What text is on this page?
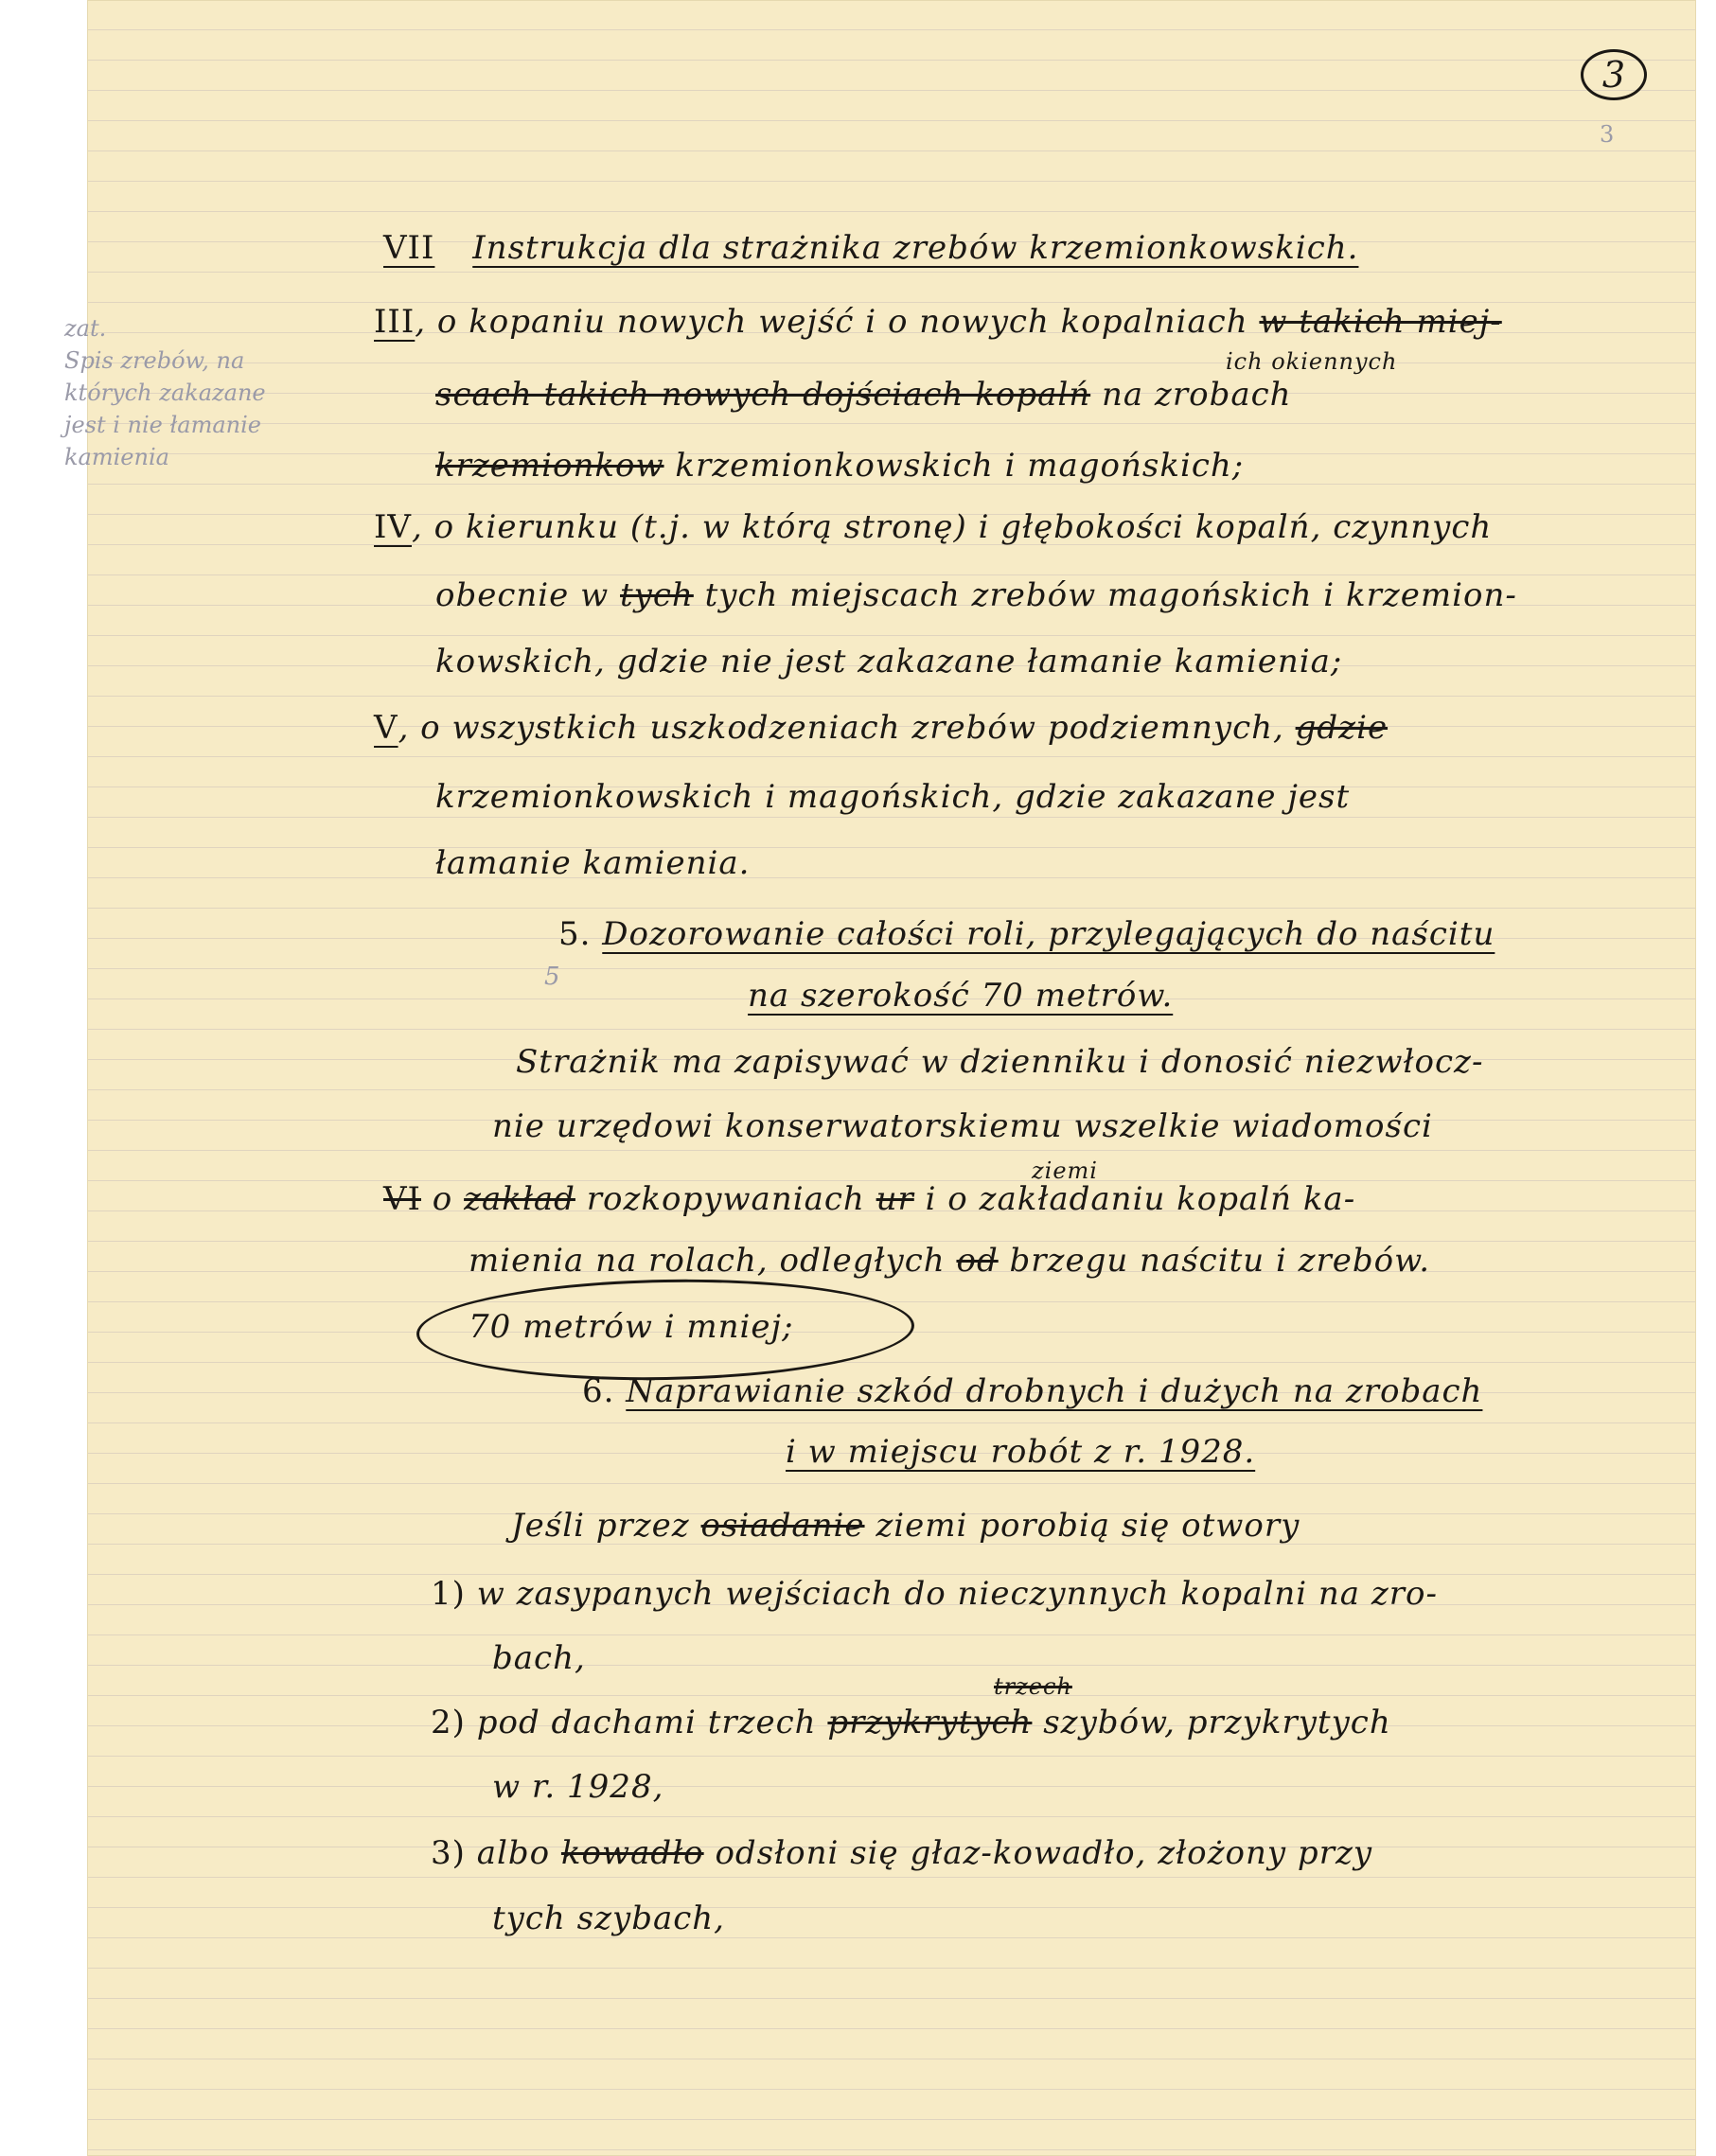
3
3
zat.
Spis zrebów, na
których zakazane
jest i nie łamanie
kamienia
VII Instrukcja dla strażnika zrebów krzemionkowskich.
III, o kopaniu nowych wejść i o nowych kopalniach w takich miej-
ich okiennych
scach takich nowych dojściach kopalń na zrobach
krzemionkow krzemionkowskich i magońskich;
IV, o kierunku (t.j. w którą stronę) i głębokości kopalń, czynnych
obecnie w tych tych miejscach zrebów magońskich i krzemion-
kowskich, gdzie nie jest zakazane łamanie kamienia;
V, o wszystkich uszkodzeniach zrebów podziemnych, gdzie
krzemionkowskich i magońskich, gdzie zakazane jest
łamanie kamienia.
5. Dozorowanie całości roli, przylegających do naścitu
5	na szerokość 70 metrów.
Strażnik ma zapisywać w dzienniku i donosić niezwłocz-
nie urzędowi konserwatorskiemu wszelkie wiadomości
ziemi
VI o zakład rozkopywaniach ur i o zakładaniu kopalń ka-
mienia na rolach, odległych od brzegu naścitu i zrebów.
70 metrów i mniej;
6. Naprawianie szkód drobnych i dużych na zrobach
i w miejscu robót z r. 1928.
Jeśli przez osiadanie ziemi porobią się otwory
1) w zasypanych wejściach do nieczynnych kopalni na zro-
bach,
trzech
2) pod dachami trzech przykrytych szybów, przykrytych
w r. 1928,
3) albo kowadło odsłoni się głaz-kowadło, złożony przy
tych szybach,
